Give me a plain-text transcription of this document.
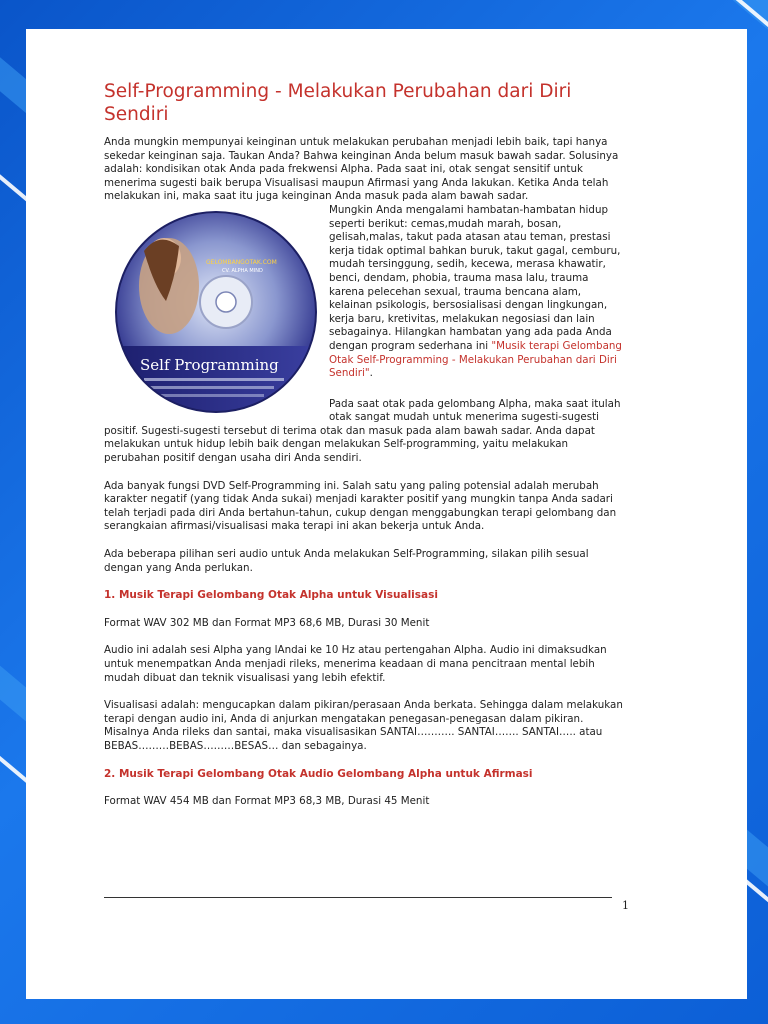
Self-Programming - Melakukan Perubahan dari Diri Sendiri

Anda mungkin mempunyai keinginan untuk melakukan perubahan menjadi lebih baik, tapi hanya sekedar keinginan saja. Taukan Anda? Bahwa keinginan Anda belum masuk bawah sadar. Solusinya adalah: kondisikan otak Anda pada frekwensi Alpha. Pada saat ini, otak sengat sensitif untuk menerima sugesti baik berupa Visualisasi maupun Afirmasi yang Anda lakukan. Ketika Anda telah melakukan ini, maka saat itu juga keinginan Anda masuk pada alam bawah sadar.

GELOMBANGOTAK.COM
CV. ALPHA MIND
Self Programming

Mungkin Anda mengalami hambatan-hambatan hidup seperti berikut: cemas,mudah marah, bosan, gelisah,malas, takut pada atasan atau teman, prestasi kerja tidak optimal bahkan buruk, takut gagal, cemburu, mudah tersinggung, sedih, kecewa, merasa khawatir, benci, dendam, phobia, trauma masa lalu, trauma karena pelecehan sexual, trauma bencana alam, kelainan psikologis, bersosialisasi dengan lingkungan, kerja baru, kretivitas, melakukan negosiasi dan lain sebagainya. Hilangkan hambatan yang ada pada Anda dengan program sederhana ini "Musik terapi Gelombang Otak Self-Programming - Melakukan Perubahan dari Diri Sendiri".

Pada saat otak pada gelombang Alpha, maka saat itulah otak sangat mudah untuk menerima sugesti-sugesti positif. Sugesti-sugesti tersebut di terima otak dan masuk pada alam bawah sadar. Anda dapat melakukan untuk hidup lebih baik dengan melakukan Self-programming, yaitu melakukan perubahan positif dengan usaha diri Anda sendiri.

Ada banyak fungsi DVD Self-Programming ini. Salah satu yang paling potensial adalah merubah karakter negatif (yang tidak Anda sukai) menjadi karakter positif yang mungkin tanpa Anda sadari telah terjadi pada diri Anda bertahun-tahun, cukup dengan menggabungkan terapi gelombang dan serangkaian afirmasi/visualisasi maka terapi ini akan bekerja untuk Anda.

Ada beberapa pilihan seri audio untuk Anda melakukan Self-Programming, silakan pilih sesual dengan yang Anda perlukan.

1. Musik Terapi Gelombang Otak Alpha untuk Visualisasi

Format WAV 302 MB dan Format MP3 68,6 MB, Durasi 30 Menit

Audio ini adalah sesi Alpha yang lAndai ke 10 Hz atau pertengahan Alpha. Audio ini dimaksudkan untuk menempatkan Anda menjadi rileks, menerima keadaan di mana pencitraan mental lebih mudah dibuat dan teknik visualisasi yang lebih efektif.

Visualisasi adalah: mengucapkan dalam pikiran/perasaan Anda berkata. Sehingga dalam melakukan terapi dengan audio ini, Anda di anjurkan mengatakan penegasan-penegasan dalam pikiran. Misalnya Anda rileks dan santai, maka visualisasikan SANTAI……….. SANTAI……. SANTAI….. atau BEBAS………BEBAS………BESAS… dan sebagainya.

2. Musik Terapi Gelombang Otak Audio Gelombang Alpha untuk Afirmasi

Format WAV 454 MB dan Format MP3 68,3 MB, Durasi 45 Menit

1
